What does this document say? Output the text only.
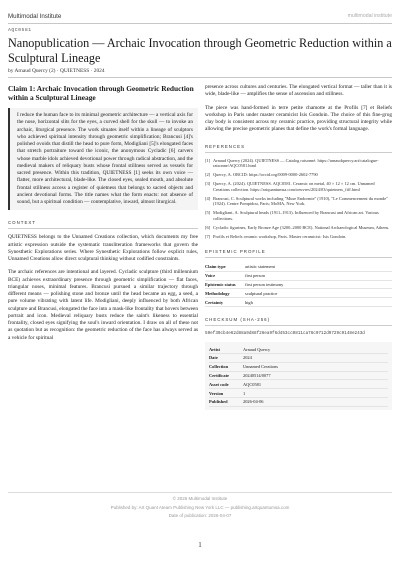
Multimodal Institute	multimodal institute
AQC0581
Nanopublication — Archaic Invocation through Geometric Reduction within a Sculptural Lineage
by Arnaud Quercy (2) · QUIETNESS · 2024
Claim 1: Archaic Invocation through Geometric Reduction within a Sculptural Lineage
I reduce the human face to its minimal geometric architecture — a vertical axis for the nose, horizontal slits for the eyes, a curved shell for the skull — to invoke an archaic, liturgical presence. The work situates itself within a lineage of sculptors who achieved spiritual intensity through geometric simplification; Brancusi [4]'s polished ovoids that distill the head to pure form, Modigliani [5]'s elongated faces that stretch portraiture toward the iconic, the anonymous Cycladic [6] carvers whose marble idols achieved devotional power through radical abstraction, and the medieval makers of reliquary busts whose frontal stillness served as vessels for sacred presence. Within this tradition, QUIETNESS [1] seeks its own voice — flatter, more architectural, blade-like. The closed eyes, sealed mouth, and absolute frontal stillness access a register of quietness that belongs to sacred objects and ancient devotional forms. The title names what the form enacts: not absence of sound, but a spiritual condition — contemplative, inward, almost liturgical.
CONTEXT

QUIETNESS belongs to the Unnamed Creations collection, which documents my free artistic expression outside the systematic transliteration frameworks that govern the Synesthetic Explorations series. Where Synesthetic Explorations follow explicit rules, Unnamed Creations allow direct sculptural thinking without codified constraints.

The archaic references are intentional and layered. Cycladic sculpture (third millennium BCE) achieves extraordinary presence through geometric simplification — flat faces, triangular noses, minimal features. Brancusi pursued a similar trajectory through different means — polishing stone and bronze until the head became an egg, a seed, a pure volume vibrating with latent life. Modigliani, deeply influenced by both African sculpture and Brancusi, elongated the face into a mask-like frontality that hovers between portrait and icon. Medieval reliquary busts reduce the saint's likeness to essential frontality, closed eyes signifying the soul's inward orientation. I draw on all of these not as quotation but as recognition: the geometric reduction of the face has always served as a vehicle for spiritual

presence across cultures and centuries. The elongated vertical format — taller than it is wide, blade-like — amplifies the sense of ascension and stillness.

The piece was hand-formed in terre petite chamotte at the Profils [7] et Reliefs workshop in Paris under master ceramicist Isis Gondoin. The choice of this fine-grog clay body is consistent across my ceramic practice, providing structural integrity while allowing the precise geometric planes that define the work's formal language.

REFERENCES
[1] Arnaud Quercy (2024). QUIETNESS — Catalog raisonné. https://arnaudquercy.art/catalogue-raisonne/AQC0581.html
[2] Quercy, A. ORCID: https://orcid.org/0009-0000-2602-7790
[3] Quercy, A. (2024). QUIETNESS. AQC0581. Ceramic on metal, 40 × 12 × 12 cm. Unnamed Creations collection. https://artquantumsa.com/oeuvres/2024/03/quietness_fiff.html
[4] Brancusi, C. Sculptural works including "Muse Endormie" (1910), "Le Commencement du monde" (1924). Centre Pompidou, Paris; MoMA, New York.
[5] Modigliani, A. Sculptural heads (1911–1913). Influenced by Brancusi and African art. Various collections.
[6] Cycladic figurines, Early Bronze Age (3200–2000 BCE). National Archaeological Museum, Athens.
[7] Profils et Reliefs ceramic workshop, Paris. Master ceramicist: Isis Gondoin.
EPISTEMIC PROFILE
Claim type	artistic statement
Voice	first person
Epistemic status	first person testimony
Methodology	sculptural practice
Certainty	high
CHECKSUM (SHA-256)
59ef30cb4e62d88a9d88f26ea9f6d453cc0811ca76c0712d9729c9148e243d
Artist	Arnaud Quercy
Date	2024
Collection	Unnamed Creations
Certificate	20240514/0077
Asset code	AQC0581
Version	1
Published	2026-04-06
© 2026 Multimodal Institute
Published by: Art Quant Ateam Publishing New York LLC — publishing.artquantumsa.com
Date of publication: 2026-04-07
1
